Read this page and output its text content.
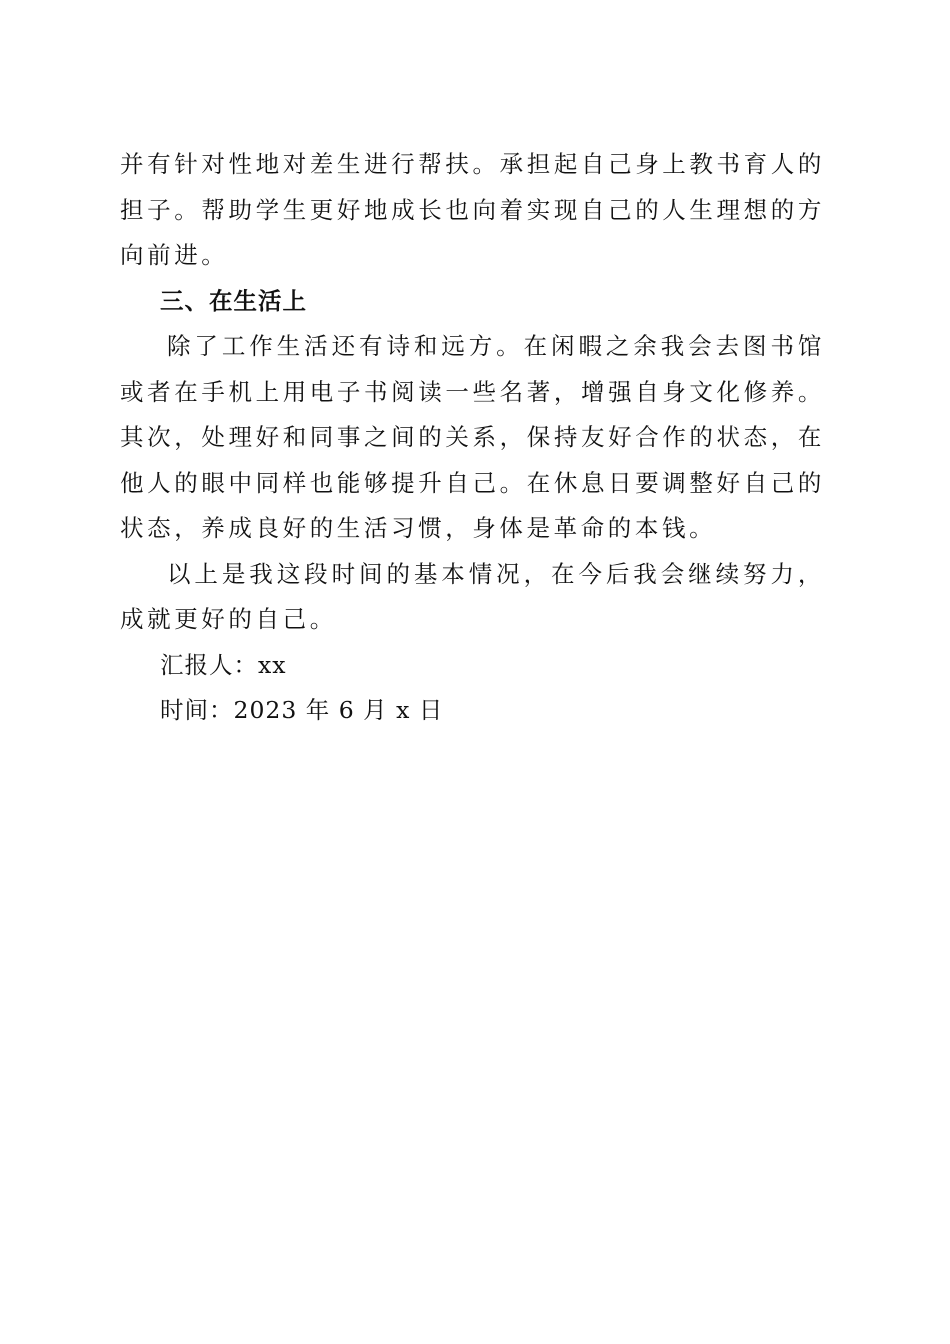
并有针对性地对差生进行帮扶。承担起自己身上教书育人的担子。帮助学生更好地成长也向着实现自己的人生理想的方向前进。

三、在生活上

除了工作生活还有诗和远方。在闲暇之余我会去图书馆或者在手机上用电子书阅读一些名著，增强自身文化修养。其次，处理好和同事之间的关系，保持友好合作的状态，在他人的眼中同样也能够提升自己。在休息日要调整好自己的状态，养成良好的生活习惯，身体是革命的本钱。

以上是我这段时间的基本情况，在今后我会继续努力，成就更好的自己。

汇报人：xx

时间：2023 年 6 月 x 日
